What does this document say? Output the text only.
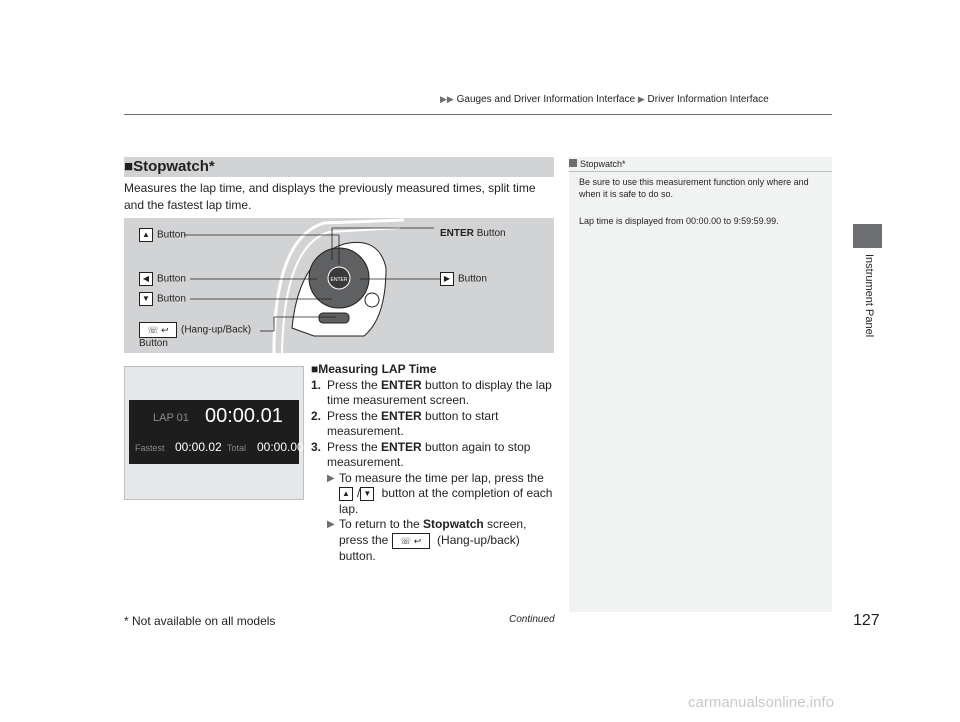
▶▶ Gauges and Driver Information Interface ▶ Driver Information Interface
Instrument Panel
■Stopwatch*
Measures the lap time, and displays the previously measured times, split time and the fastest lap time.
ENTER
▲ Button	ENTER Button
◀ Button	▶ Button
▼ Button
☏ ↩ (Hang-up/Back)
Button
LAP 01 00:00.01
Fastest 00:00.02 Total 00:00.00
■Measuring LAP Time
1. Press the ENTER button to display the lap time measurement screen.
2. Press the ENTER button to start measurement.
3. Press the ENTER button again to stop measurement.
▶ To measure the time per lap, press the ▲ / ▼ button at the completion of each lap.
▶ To return to the Stopwatch screen, press the ☏ ↩ (Hang-up/back) button.
Stopwatch*

Be sure to use this measurement function only where and when it is safe to do so.

Lap time is displayed from 00:00.00 to 9:59:59.99.

* Not available on all models	Continued	127
carmanualsonline.info
